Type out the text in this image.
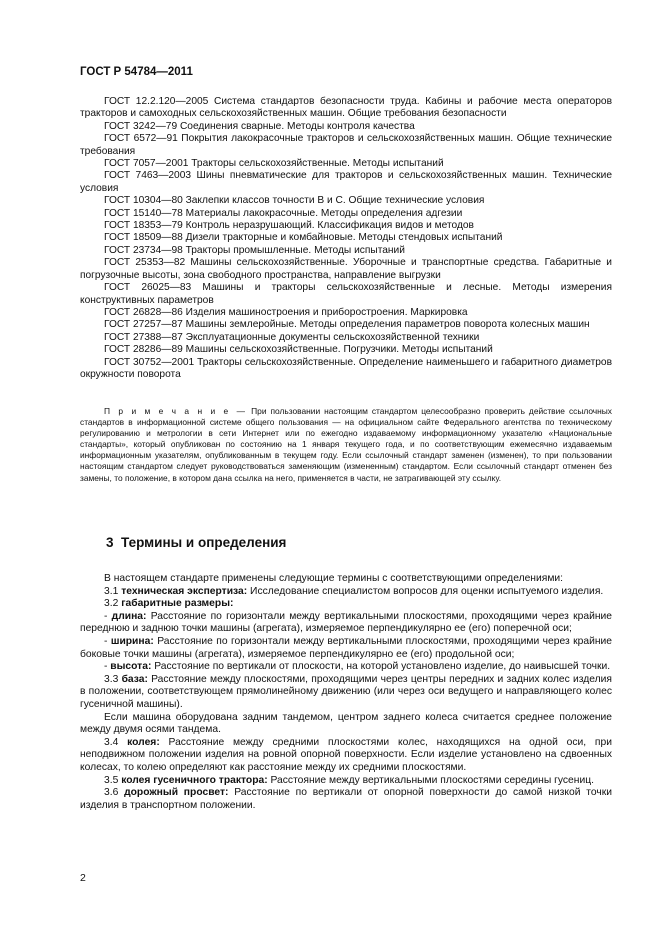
ГОСТ Р 54784—2011
ГОСТ 12.2.120—2005 Система стандартов безопасности труда. Кабины и рабочие места операторов тракторов и самоходных сельскохозяйственных машин. Общие требования безопасности
ГОСТ 3242—79 Соединения сварные. Методы контроля качества
ГОСТ 6572—91 Покрытия лакокрасочные тракторов и сельскохозяйственных машин. Общие технические требования
ГОСТ 7057—2001 Тракторы сельскохозяйственные. Методы испытаний
ГОСТ 7463—2003 Шины пневматические для тракторов и сельскохозяйственных машин. Технические условия
ГОСТ 10304—80 Заклепки классов точности В и С. Общие технические условия
ГОСТ 15140—78 Материалы лакокрасочные. Методы определения адгезии
ГОСТ 18353—79 Контроль неразрушающий. Классификация видов и методов
ГОСТ 18509—88 Дизели тракторные и комбайновые. Методы стендовых испытаний
ГОСТ 23734—98 Тракторы промышленные. Методы испытаний
ГОСТ 25353—82 Машины сельскохозяйственные. Уборочные и транспортные средства. Габаритные и погрузочные высоты, зона свободного пространства, направление выгрузки
ГОСТ 26025—83 Машины и тракторы сельскохозяйственные и лесные. Методы измерения конструктивных параметров
ГОСТ 26828—86 Изделия машиностроения и приборостроения. Маркировка
ГОСТ 27257—87 Машины землеройные. Методы определения параметров поворота колесных машин
ГОСТ 27388—87 Эксплуатационные документы сельскохозяйственной техники
ГОСТ 28286—89 Машины сельскохозяйственные. Погрузчики. Методы испытаний
ГОСТ 30752—2001 Тракторы сельскохозяйственные. Определение наименьшего и габаритного диаметров окружности поворота
П р и м е ч а н и е — При пользовании настоящим стандартом целесообразно проверить действие ссылочных стандартов в информационной системе общего пользования — на официальном сайте Федерального агентства по техническому регулированию и метрологии в сети Интернет или по ежегодно издаваемому информационному указателю «Национальные стандарты», который опубликован по состоянию на 1 января текущего года, и по соответствующим ежемесячно издаваемым информационным указателям, опубликованным в текущем году. Если ссылочный стандарт заменен (изменен), то при пользовании настоящим стандартом следует руководствоваться заменяющим (измененным) стандартом. Если ссылочный стандарт отменен без замены, то положение, в котором дана ссылка на него, применяется в части, не затрагивающей эту ссылку.
3 Термины и определения
В настоящем стандарте применены следующие термины с соответствующими определениями:
3.1 техническая экспертиза: Исследование специалистом вопросов для оценки испытуемого изделия.
3.2 габаритные размеры:
- длина: Расстояние по горизонтали между вертикальными плоскостями, проходящими через крайние переднюю и заднюю точки машины (агрегата), измеряемое перпендикулярно ее (его) поперечной оси;
- ширина: Расстояние по горизонтали между вертикальными плоскостями, проходящими через крайние боковые точки машины (агрегата), измеряемое перпендикулярно ее (его) продольной оси;
- высота: Расстояние по вертикали от плоскости, на которой установлено изделие, до наивысшей точки.
3.3 база: Расстояние между плоскостями, проходящими через центры передних и задних колес изделия в положении, соответствующем прямолинейному движению (или через оси ведущего и направляющего колес гусеничной машины).
Если машина оборудована задним тандемом, центром заднего колеса считается среднее положение между двумя осями тандема.
3.4 колея: Расстояние между средними плоскостями колес, находящихся на одной оси, при неподвижном положении изделия на ровной опорной поверхности. Если изделие установлено на сдвоенных колесах, то колею определяют как расстояние между их средними плоскостями.
3.5 колея гусеничного трактора: Расстояние между вертикальными плоскостями середины гусениц.
3.6 дорожный просвет: Расстояние по вертикали от опорной поверхности до самой низкой точки изделия в транспортном положении.
2
